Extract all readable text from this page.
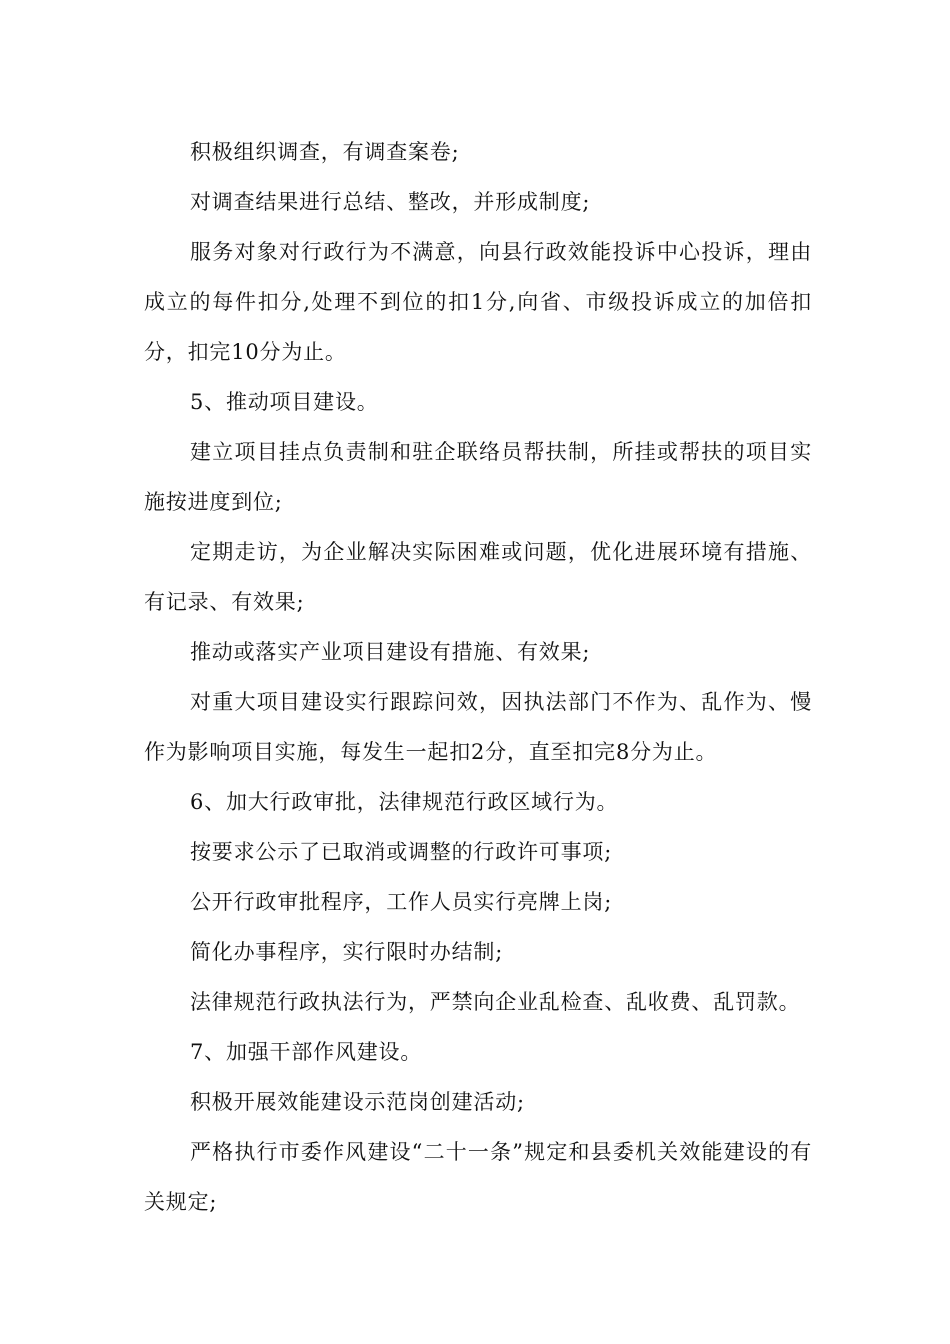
积极组织调查，有调查案卷;

对调查结果进行总结、整改，并形成制度;

服务对象对行政行为不满意，向县行政效能投诉中心投诉，理由成立的每件扣分,处理不到位的扣1分,向省、市级投诉成立的加倍扣分，扣完10分为止。

5、推动项目建设。

建立项目挂点负责制和驻企联络员帮扶制，所挂或帮扶的项目实施按进度到位;

定期走访，为企业解决实际困难或问题，优化进展环境有措施、有记录、有效果;

推动或落实产业项目建设有措施、有效果;

对重大项目建设实行跟踪问效，因执法部门不作为、乱作为、慢作为影响项目实施，每发生一起扣2分，直至扣完8分为止。

6、加大行政审批，法律规范行政区域行为。

按要求公示了已取消或调整的行政许可事项;

公开行政审批程序，工作人员实行亮牌上岗;

简化办事程序，实行限时办结制;

法律规范行政执法行为，严禁向企业乱检查、乱收费、乱罚款。

7、加强干部作风建设。

积极开展效能建设示范岗创建活动;

严格执行市委作风建设“二十一条”规定和县委机关效能建设的有关规定;
